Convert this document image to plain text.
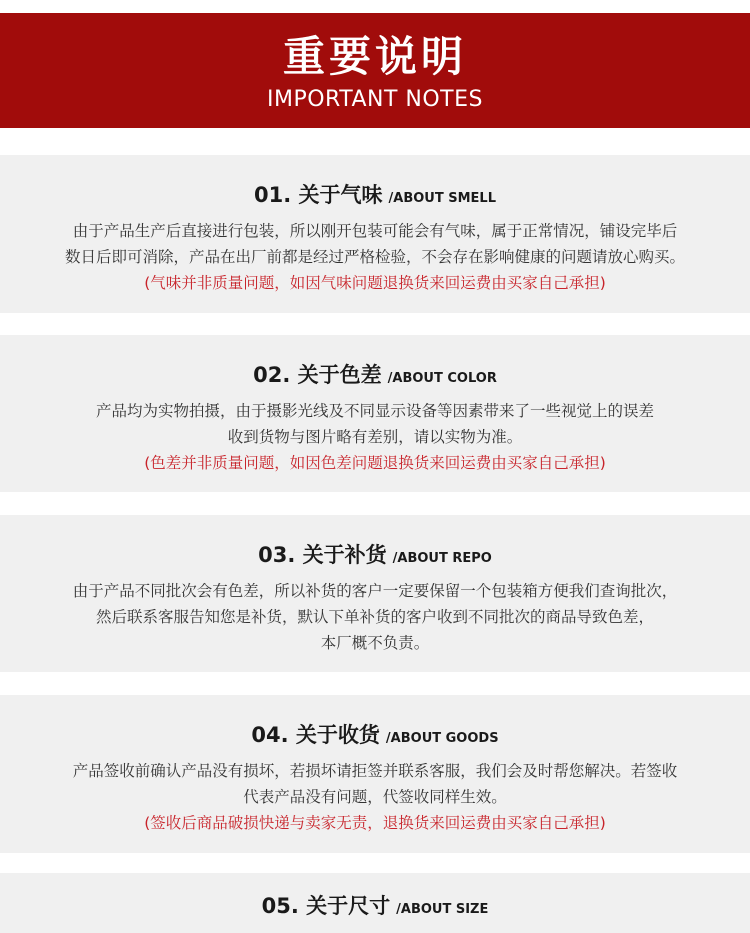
重要说明
IMPORTANT NOTES
01. 关于气味 /ABOUT SMELL
由于产品生产后直接进行包装，所以刚开包装可能会有气味，属于正常情况，铺设完毕后
数日后即可消除，产品在出厂前都是经过严格检验，不会存在影响健康的问题请放心购买。
(气味并非质量问题，如因气味问题退换货来回运费由买家自己承担)
02. 关于色差 /ABOUT COLOR
产品均为实物拍摄，由于摄影光线及不同显示设备等因素带来了一些视觉上的误差
收到货物与图片略有差别，请以实物为准。
(色差并非质量问题，如因色差问题退换货来回运费由买家自己承担)
03. 关于补货 /ABOUT REPO
由于产品不同批次会有色差，所以补货的客户一定要保留一个包装箱方便我们查询批次，
然后联系客服告知您是补货，默认下单补货的客户收到不同批次的商品导致色差，
本厂概不负责。
04. 关于收货 /ABOUT GOODS
产品签收前确认产品没有损坏，若损坏请拒签并联系客服，我们会及时帮您解决。若签收
代表产品没有问题，代签收同样生效。
(签收后商品破损快递与卖家无责，退换货来回运费由买家自己承担)
05. 关于尺寸 /ABOUT SIZE
